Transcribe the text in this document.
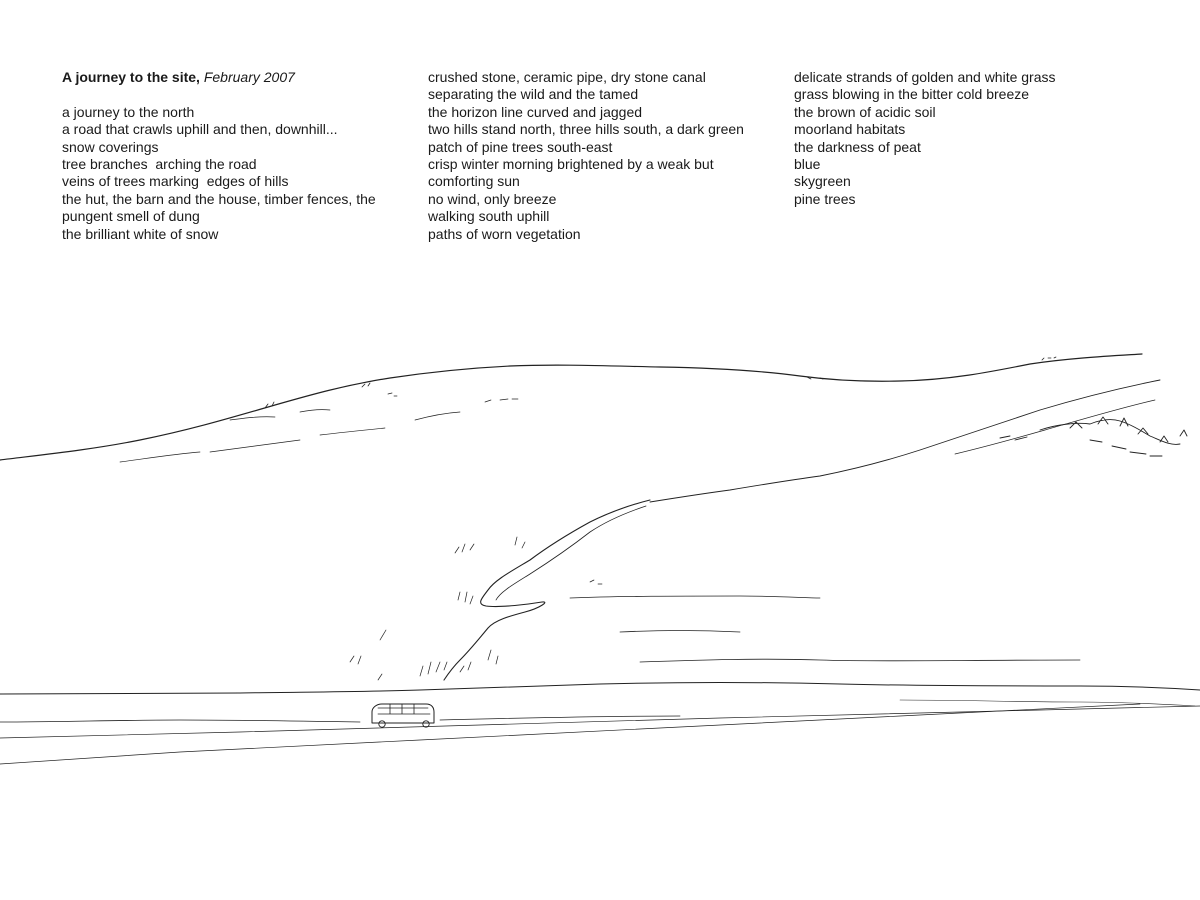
A journey to the site, February 2007
a journey to the north
a road that crawls uphill and then, downhill...
snow coverings
tree branches  arching the road
veins of trees marking  edges of hills
the hut, the barn and the house, timber fences, the
pungent smell of dung
the brilliant white of snow
crushed stone, ceramic pipe, dry stone canal
separating the wild and the tamed
the horizon line curved and jagged
two hills stand north, three hills south, a dark green
patch of pine trees south-east
crisp winter morning brightened by a weak but
comforting sun
no wind, only breeze
walking south uphill
paths of worn vegetation
delicate strands of golden and white grass
grass blowing in the bitter cold breeze
the brown of acidic soil
moorland habitats
the darkness of peat
blue
skygreen
pine trees
